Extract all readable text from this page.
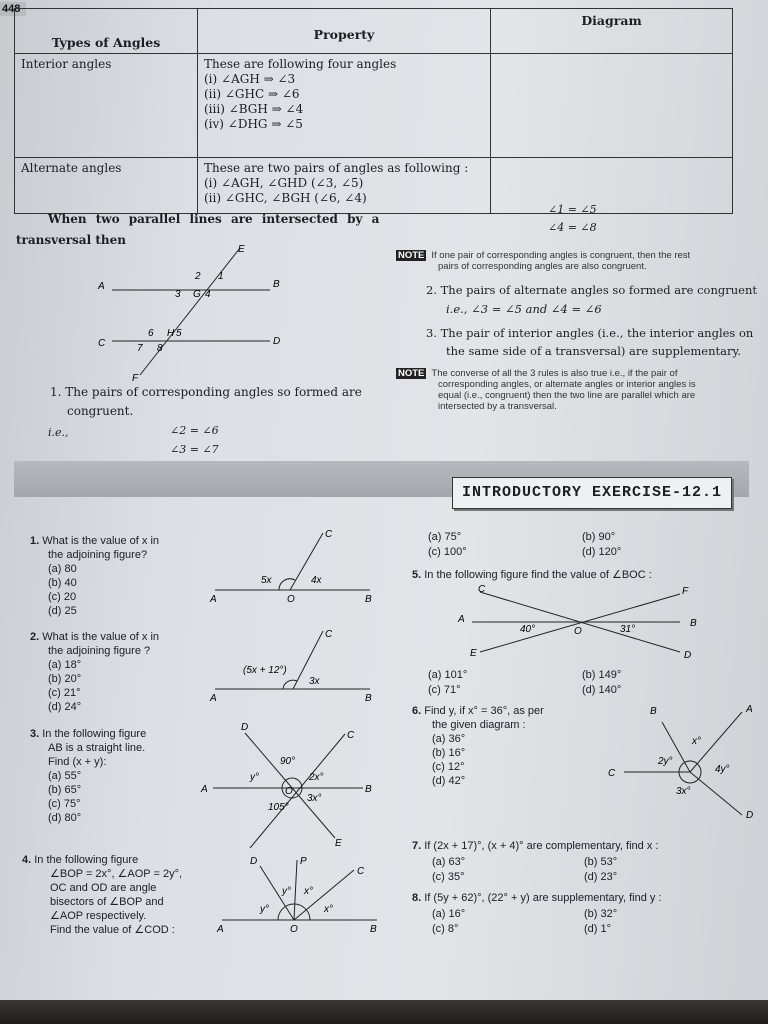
448
Types of Angles	Property	Diagram
Interior angles	These are following four angles
(i) ∠AGH ⇒ ∠3
(ii) ∠GHC ⇒ ∠6
(iii) ∠BGH ⇒ ∠4
(iv) ∠DHG ⇒ ∠5	

Alternate angles	These are two pairs of angles as following :
(i) ∠AGH, ∠GHD (∠3, ∠5)
(ii) ∠GHC, ∠BGH (∠6, ∠4)	

When two parallel lines are intersected by a
transversal then
∠1 = ∠5
∠4 = ∠8
NOTE If one pair of corresponding angles is congruent, then the rest
pairs of corresponding angles are also congruent.
2. The pairs of alternate angles so formed are congruent
i.e., ∠3 = ∠5 and ∠4 = ∠6
3. The pair of interior angles (i.e., the interior angles on
the same side of a transversal) are supplementary.
NOTE The converse of all the 3 rules is also true i.e., if the pair of
corresponding angles, or alternate angles or interior angles is
equal (i.e., congruent) then the two line are parallel which are
intersected by a transversal.
E
A	B
C	D
F
2 1
3 G 4
6 H 5
7 8
1. The pairs of corresponding angles so formed are
congruent.
i.e.,	∠2 = ∠6
∠3 = ∠7
INTRODUCTORY EXERCISE-12.1
1. What is the value of x in
the adjoining figure?
(a) 80
(b) 40
(c) 20
(d) 25
C
5x	4x
A	O	B
2. What is the value of x in
the adjoining figure ?
(a) 18°
(b) 20°
(c) 21°
(d) 24°
C
(5x + 12°)
3x
A	B
3. In the following figure
AB is a straight line.
Find (x + y):
(a) 55°
(b) 65°
(c) 75°
(d) 80°
D
C
A	B
E
O
90°
y°	2x°
3x°
105°
4. In the following figure
∠BOP = 2x°, ∠AOP = 2y°,
OC and OD are angle
bisectors of ∠BOP and
∠AOP respectively.
Find the value of ∠COD :
D	P
C
A	O	B
y° x°
y°	x°
(a) 75°	(b) 90°
(c) 100°	(d) 120°
5. In the following figure find the value of ∠BOC :
C	F
A	B
E	D
O
40°	31°
(a) 101°	(b) 149°
(c) 71°	(d) 140°
6. Find y, if x° = 36°, as per
the given diagram :
(a) 36°
(b) 16°
(c) 12°
(d) 42°
B	A
C
D
x°
2y°
4y°
3x°
7. If (2x + 17)°, (x + 4)° are complementary, find x :
(a) 63°	(b) 53°
(c) 35°	(d) 23°
8. If (5y + 62)°, (22° + y) are supplementary, find y :
(a) 16°	(b) 32°
(c) 8°	(d) 1°
